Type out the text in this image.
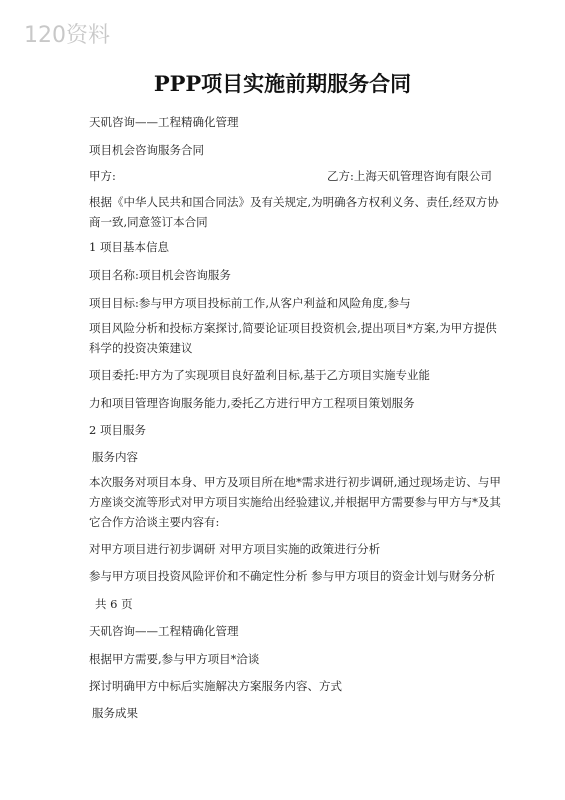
120资料
PPP项目实施前期服务合同
天矶咨询——工程精确化管理
项目机会咨询服务合同
甲方:	乙方:上海天矶管理咨询有限公司
根据《中华人民共和国合同法》及有关规定,为明确各方权利义务、责任,经双方协商一致,同意签订本合同
1 项目基本信息
项目名称:项目机会咨询服务
项目目标:参与甲方项目投标前工作,从客户利益和风险角度,参与
项目风险分析和投标方案探讨,简要论证项目投资机会,提出项目*方案,为甲方提供科学的投资决策建议
项目委托:甲方为了实现项目良好盈利目标,基于乙方项目实施专业能
力和项目管理咨询服务能力,委托乙方进行甲方工程项目策划服务
2 项目服务
服务内容
本次服务对项目本身、甲方及项目所在地*需求进行初步调研,通过现场走访、与甲方座谈交流等形式对甲方项目实施给出经验建议,并根据甲方需要参与甲方与*及其它合作方洽谈主要内容有:
对甲方项目进行初步调研 对甲方项目实施的政策进行分析
参与甲方项目投资风险评价和不确定性分析 参与甲方项目的资金计划与财务分析
共 6 页
天矶咨询——工程精确化管理
根据甲方需要,参与甲方项目*洽谈
探讨明确甲方中标后实施解决方案服务内容、方式
服务成果
